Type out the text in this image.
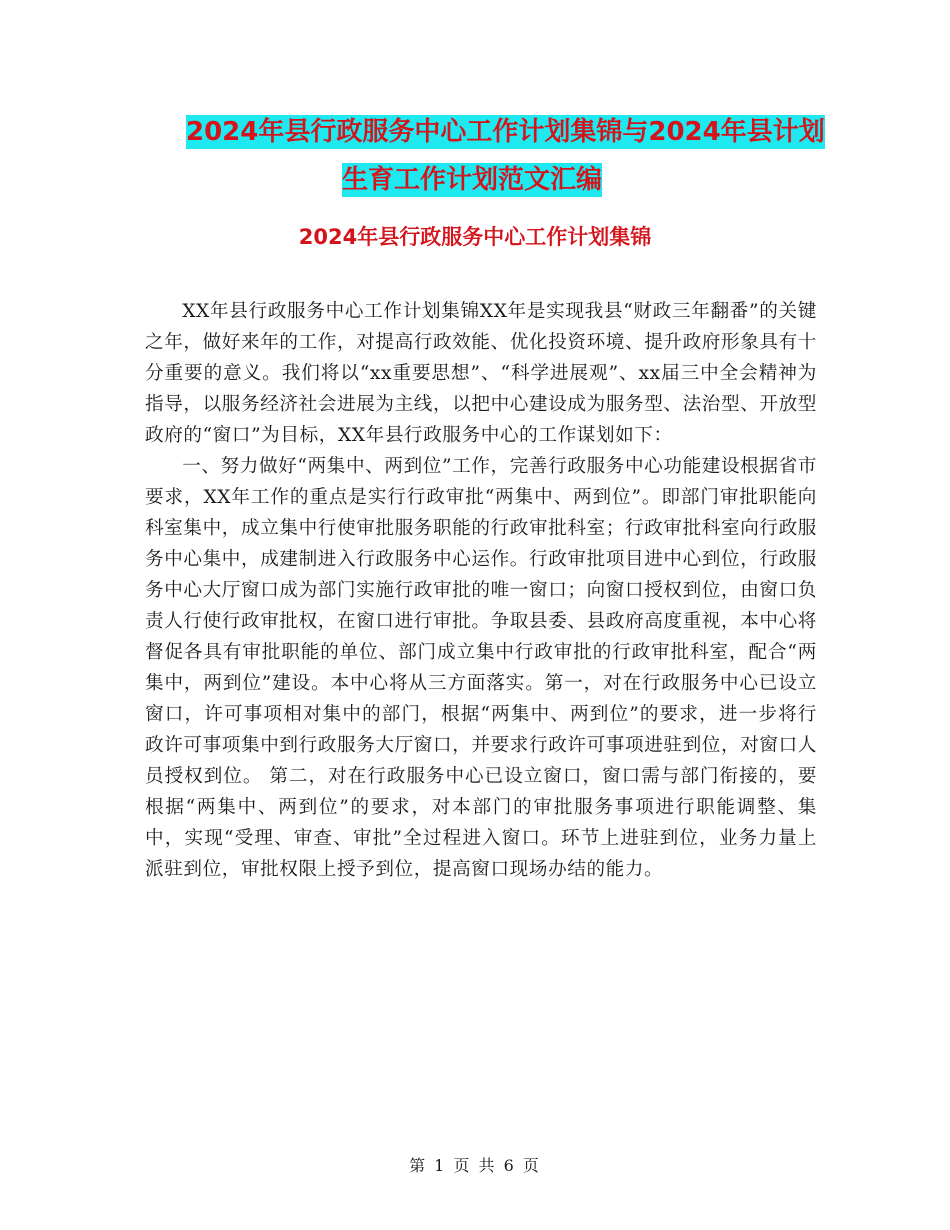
2024年县行政服务中心工作计划集锦与2024年县计划
生育工作计划范文汇编
2024年县行政服务中心工作计划集锦

XX年县行政服务中心工作计划集锦XX年是实现我县“财政三年翻番”的关键之年，做好来年的工作，对提高行政效能、优化投资环境、提升政府形象具有十分重要的意义。我们将以“xx重要思想”、“科学进展观”、xx届三中全会精神为指导，以服务经济社会进展为主线，以把中心建设成为服务型、法治型、开放型政府的“窗口”为目标，XX年县行政服务中心的工作谋划如下：

一、努力做好“两集中、两到位”工作，完善行政服务中心功能建设根据省市要求，XX年工作的重点是实行行政审批“两集中、两到位”。即部门审批职能向科室集中，成立集中行使审批服务职能的行政审批科室；行政审批科室向行政服务中心集中，成建制进入行政服务中心运作。行政审批项目进中心到位，行政服务中心大厅窗口成为部门实施行政审批的唯一窗口；向窗口授权到位，由窗口负责人行使行政审批权，在窗口进行审批。争取县委、县政府高度重视，本中心将督促各具有审批职能的单位、部门成立集中行政审批的行政审批科室，配合“两集中，两到位”建设。本中心将从三方面落实。第一，对在行政服务中心已设立窗口，许可事项相对集中的部门，根据“两集中、两到位”的要求，进一步将行政许可事项集中到行政服务大厅窗口，并要求行政许可事项进驻到位，对窗口人员授权到位。 第二，对在行政服务中心已设立窗口，窗口需与部门衔接的，要根据“两集中、两到位”的要求，对本部门的审批服务事项进行职能调整、集中，实现“受理、审查、审批”全过程进入窗口。环节上进驻到位，业务力量上派驻到位，审批权限上授予到位，提高窗口现场办结的能力。

第 1 页 共 6 页
